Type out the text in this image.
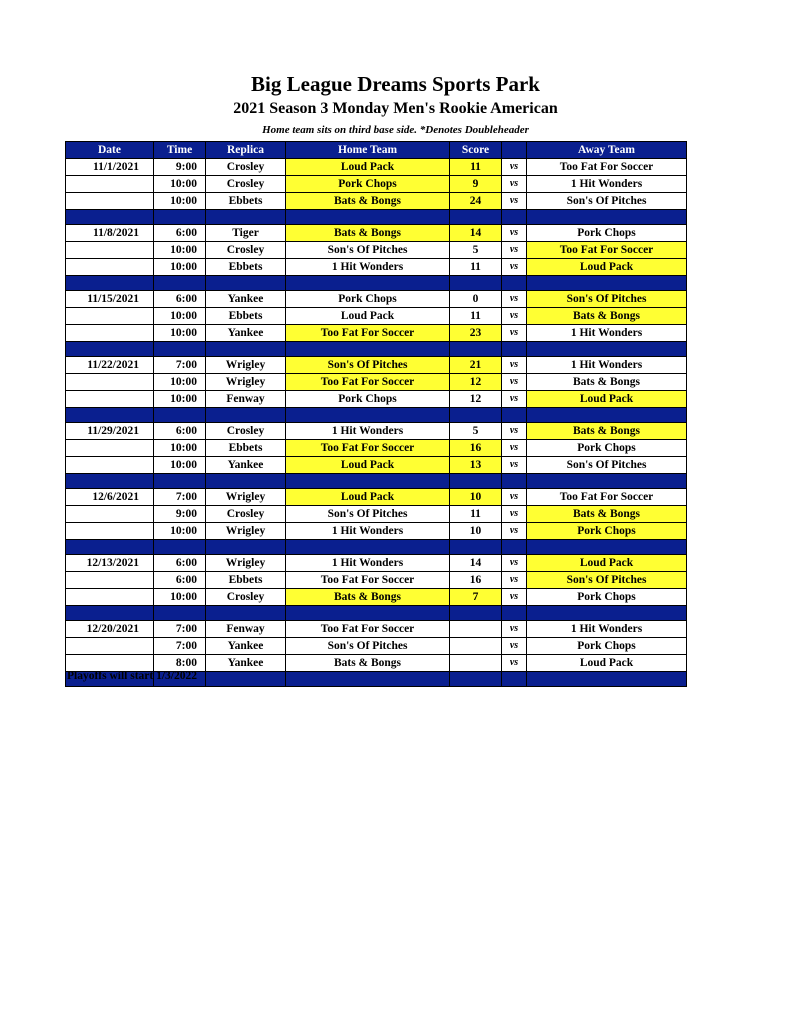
Big League Dreams Sports Park
2021 Season 3 Monday Men's Rookie American
Home team sits on third base side. *Denotes Doubleheader
Date	Time	Replica	Home Team	Score		Away Team
11/1/2021	9:00	Crosley	Loud Pack	11	vs	Too Fat For Soccer
	10:00	Crosley	Pork Chops	9	vs	1 Hit Wonders
	10:00	Ebbets	Bats & Bongs	24	vs	Son's Of Pitches

11/8/2021	6:00	Tiger	Bats & Bongs	14	vs	Pork Chops
	10:00	Crosley	Son's Of Pitches	5	vs	Too Fat For Soccer
	10:00	Ebbets	1 Hit Wonders	11	vs	Loud Pack

11/15/2021	6:00	Yankee	Pork Chops	0	vs	Son's Of Pitches
	10:00	Ebbets	Loud Pack	11	vs	Bats & Bongs
	10:00	Yankee	Too Fat For Soccer	23	vs	1 Hit Wonders

11/22/2021	7:00	Wrigley	Son's Of Pitches	21	vs	1 Hit Wonders
	10:00	Wrigley	Too Fat For Soccer	12	vs	Bats & Bongs
	10:00	Fenway	Pork Chops	12	vs	Loud Pack

11/29/2021	6:00	Crosley	1 Hit Wonders	5	vs	Bats & Bongs
	10:00	Ebbets	Too Fat For Soccer	16	vs	Pork Chops
	10:00	Yankee	Loud Pack	13	vs	Son's Of Pitches

12/6/2021	7:00	Wrigley	Loud Pack	10	vs	Too Fat For Soccer
	9:00	Crosley	Son's Of Pitches	11	vs	Bats & Bongs
	10:00	Wrigley	1 Hit Wonders	10	vs	Pork Chops

12/13/2021	6:00	Wrigley	1 Hit Wonders	14	vs	Loud Pack
	6:00	Ebbets	Too Fat For Soccer	16	vs	Son's Of Pitches
	10:00	Crosley	Bats & Bongs	7	vs	Pork Chops

12/20/2021	7:00	Fenway	Too Fat For Soccer		vs	1 Hit Wonders
	7:00	Yankee	Son's Of Pitches		vs	Pork Chops
	8:00	Yankee	Bats & Bongs		vs	Loud Pack

Playoffs will start 1/3/2022
